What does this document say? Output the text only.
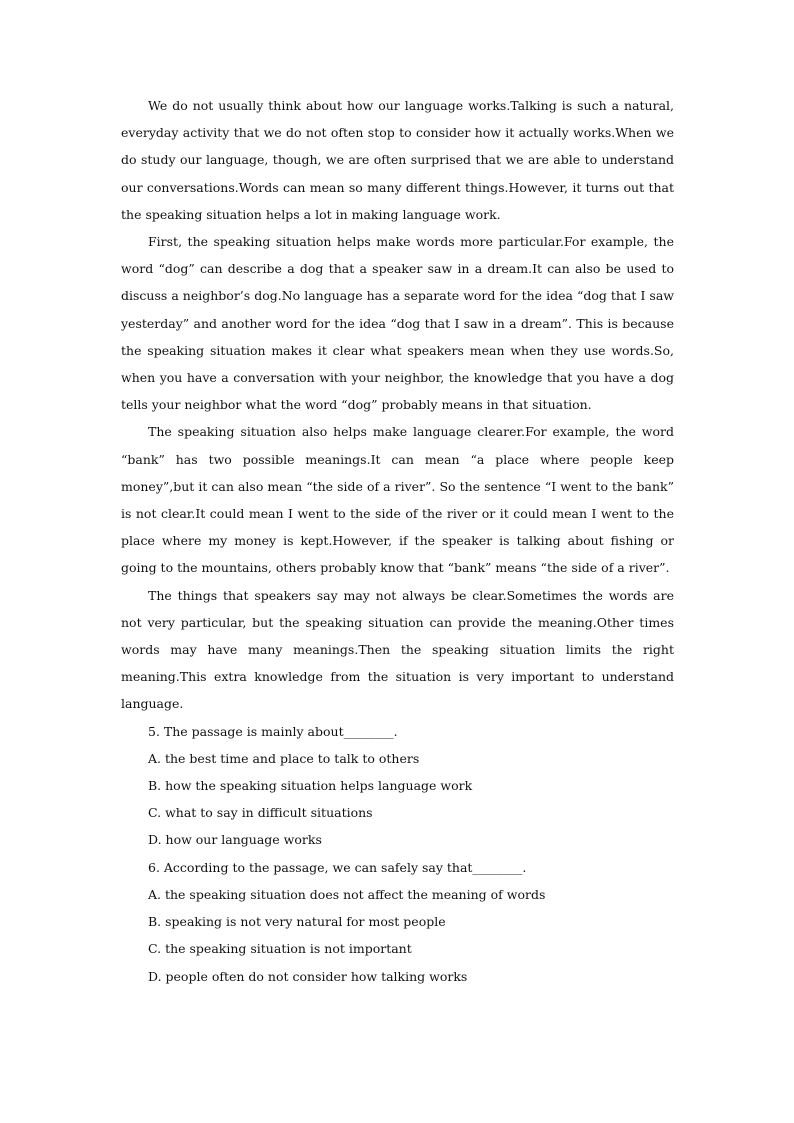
We do not usually think about how our language works.Talking is such a natural, everyday activity that we do not often stop to consider how it actually works.When we do study our language, though, we are often surprised that we are able to understand our conversations.Words can mean so many different things.However, it turns out that the speaking situation helps a lot in making language work.

First, the speaking situation helps make words more particular.For example, the word “dog” can describe a dog that a speaker saw in a dream.It can also be used to discuss a neighbor’s dog.No language has a separate word for the idea “dog that I saw yesterday” and another word for the idea “dog that I saw in a dream”. This is because the speaking situation makes it clear what speakers mean when they use words.So, when you have a conversation with your neighbor, the knowledge that you have a dog tells your neighbor what the word “dog” probably means in that situation.

The speaking situation also helps make language clearer.For example, the word “bank” has two possible meanings.It can mean “a place where people keep money”,but it can also mean “the side of a river”. So the sentence “I went to the bank” is not clear.It could mean I went to the side of the river or it could mean I went to the place where my money is kept.However, if the speaker is talking about fishing or going to the mountains, others probably know that “bank” means “the side of a river”.

The things that speakers say may not always be clear.Sometimes the words are not very particular, but the speaking situation can provide the meaning.Other times words may have many meanings.Then the speaking situation limits the right meaning.This extra knowledge from the situation is very important to understand language.

5. The passage is mainly about________.

A. the best time and place to talk to others

B. how the speaking situation helps language work

C. what to say in difficult situations

D. how our language works

6. According to the passage, we can safely say that________.

A. the speaking situation does not affect the meaning of words

B. speaking is not very natural for most people

C. the speaking situation is not important

D. people often do not consider how talking works
